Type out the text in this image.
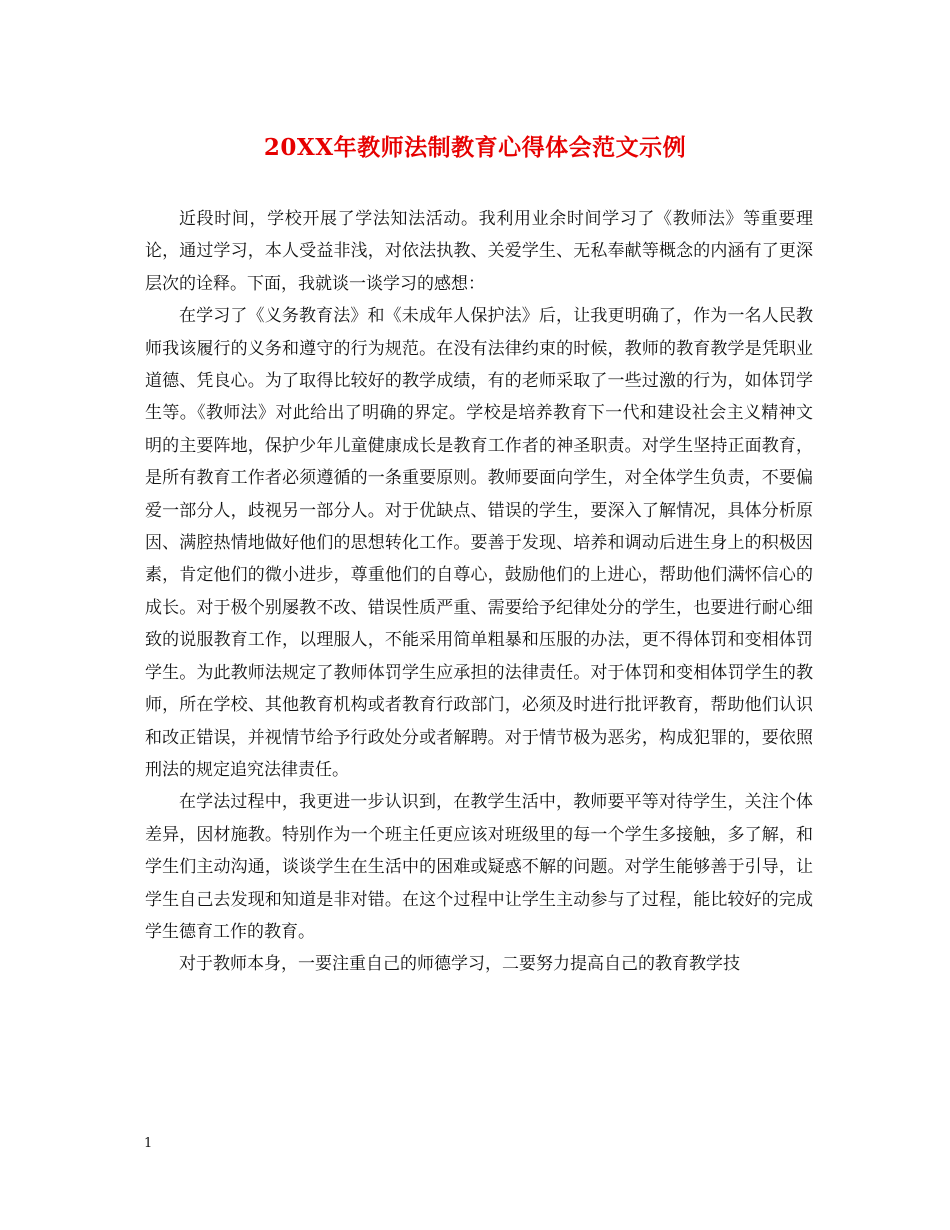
20XX年教师法制教育心得体会范文示例

近段时间，学校开展了学法知法活动。我利用业余时间学习了《教师法》等重要理论，通过学习，本人受益非浅，对依法执教、关爱学生、无私奉献等概念的内涵有了更深层次的诠释。下面，我就谈一谈学习的感想：

在学习了《义务教育法》和《未成年人保护法》后，让我更明确了，作为一名人民教师我该履行的义务和遵守的行为规范。在没有法律约束的时候，教师的教育教学是凭职业道德、凭良心。为了取得比较好的教学成绩，有的老师采取了一些过激的行为，如体罚学生等。《教师法》对此给出了明确的界定。学校是培养教育下一代和建设社会主义精神文明的主要阵地，保护少年儿童健康成长是教育工作者的神圣职责。对学生坚持正面教育，是所有教育工作者必须遵循的一条重要原则。教师要面向学生，对全体学生负责，不要偏爱一部分人，歧视另一部分人。对于优缺点、错误的学生，要深入了解情况，具体分析原因、满腔热情地做好他们的思想转化工作。要善于发现、培养和调动后进生身上的积极因素，肯定他们的微小进步，尊重他们的自尊心，鼓励他们的上进心，帮助他们满怀信心的成长。对于极个别屡教不改、错误性质严重、需要给予纪律处分的学生，也要进行耐心细致的说服教育工作，以理服人，不能采用简单粗暴和压服的办法，更不得体罚和变相体罚学生。为此教师法规定了教师体罚学生应承担的法律责任。对于体罚和变相体罚学生的教师，所在学校、其他教育机构或者教育行政部门，必须及时进行批评教育，帮助他们认识和改正错误，并视情节给予行政处分或者解聘。对于情节极为恶劣，构成犯罪的，要依照刑法的规定追究法律责任。

在学法过程中，我更进一步认识到，在教学生活中，教师要平等对待学生，关注个体差异，因材施教。特别作为一个班主任更应该对班级里的每一个学生多接触，多了解，和学生们主动沟通，谈谈学生在生活中的困难或疑惑不解的问题。对学生能够善于引导，让学生自己去发现和知道是非对错。在这个过程中让学生主动参与了过程，能比较好的完成学生德育工作的教育。

对于教师本身，一要注重自己的师德学习，二要努力提高自己的教育教学技

1
